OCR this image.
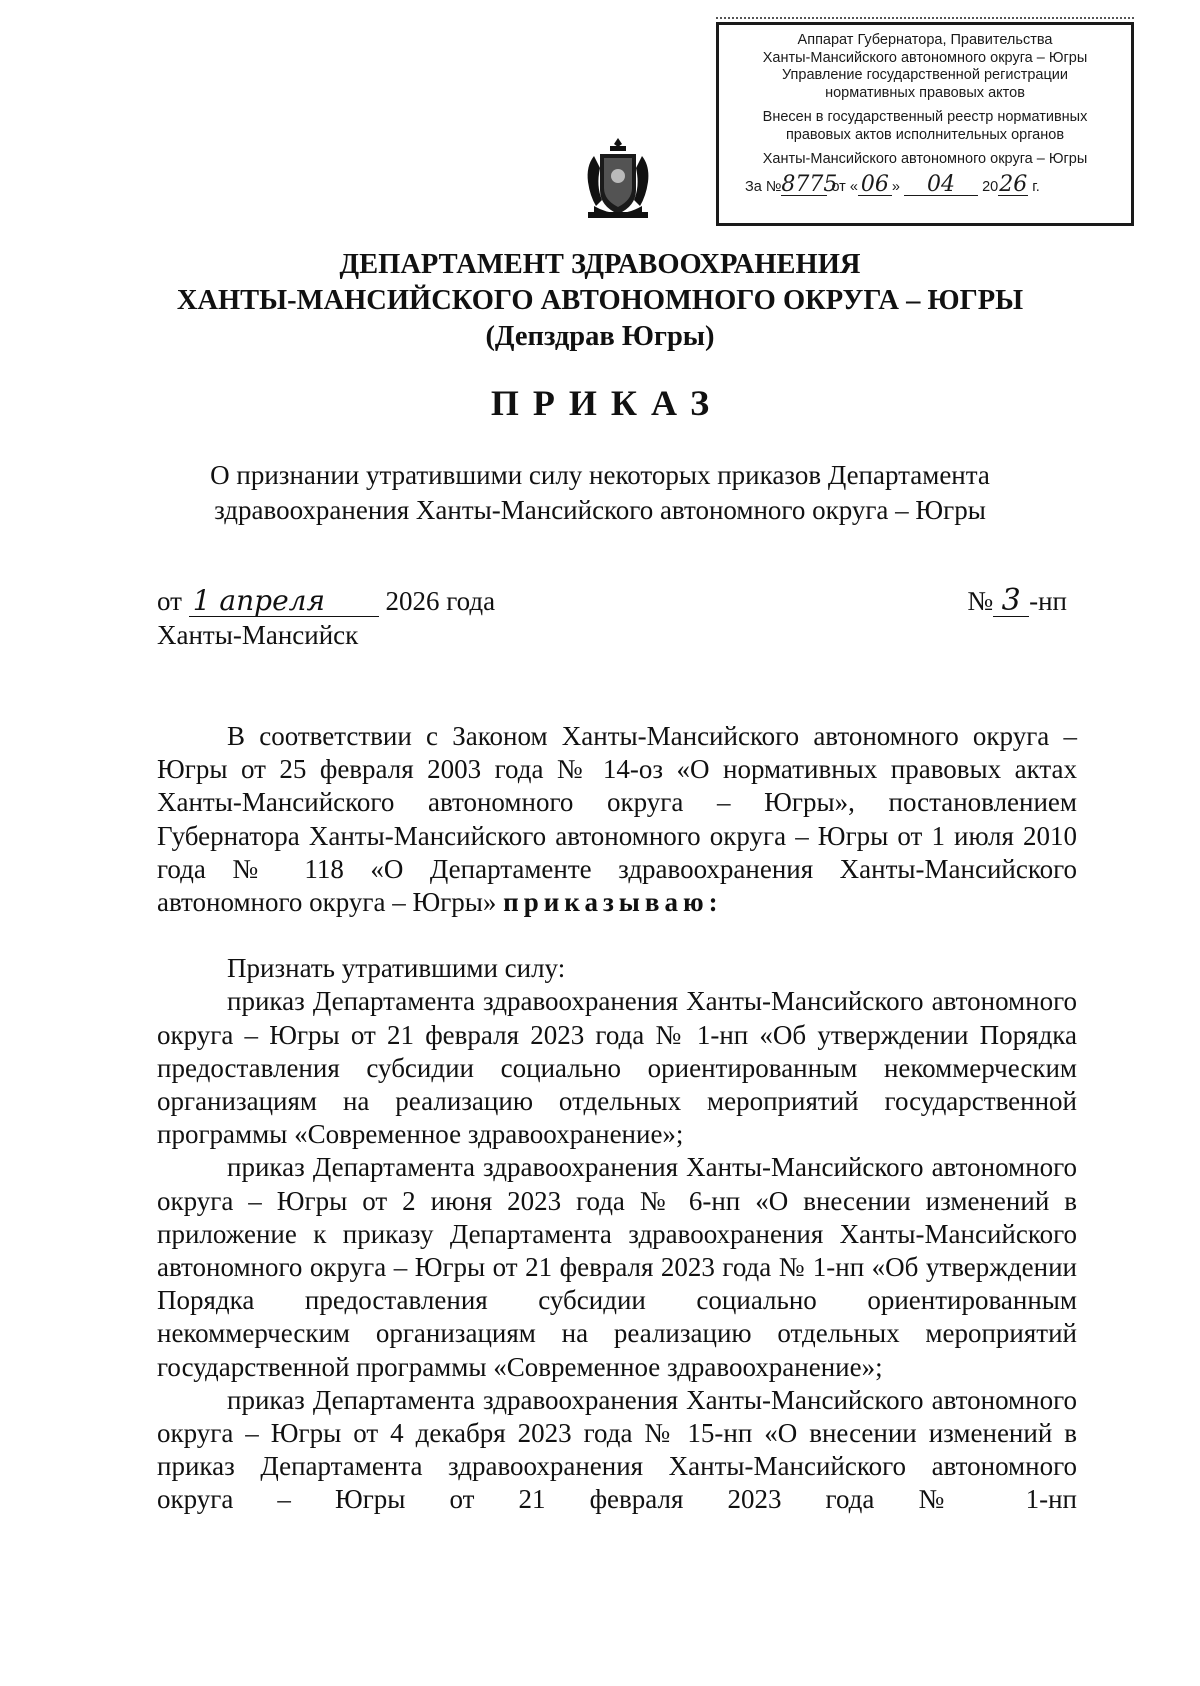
Аппарат Губернатора, Правительства
Ханты-Мансийского автономного округа – Югры
Управление государственной регистрации
нормативных правовых актов
Внесен в государственный реестр нормативных
правовых актов исполнительных органов
Ханты-Мансийского автономного округа – Югры
За №8775 от « 06 » 04 2026 г.
ДЕПАРТАМЕНТ ЗДРАВООХРАНЕНИЯ
ХАНТЫ-МАНСИЙСКОГО АВТОНОМНОГО ОКРУГА – ЮГРЫ
(Депздрав Югры)
ПРИКАЗ
О признании утратившими силу некоторых приказов Департамента
здравоохранения Ханты-Мансийского автономного округа – Югры
от 1 апреля 2026 года
Ханты-Мансийск
№ 3 -нп

В соответствии с Законом Ханты-Мансийского автономного округа – Югры от 25 февраля 2003 года № 14-оз «О нормативных правовых актах Ханты-Мансийского автономного округа – Югры», постановлением Губернатора Ханты-Мансийского автономного округа – Югры от 1 июля 2010 года № 118 «О Департаменте здравоохранения Ханты-Мансийского автономного округа – Югры» приказываю:

Признать утратившими силу:

приказ Департамента здравоохранения Ханты-Мансийского автономного округа – Югры от 21 февраля 2023 года № 1-нп «Об утверждении Порядка предоставления субсидии социально ориентированным некоммерческим организациям на реализацию отдельных мероприятий государственной программы «Современное здравоохранение»;

приказ Департамента здравоохранения Ханты-Мансийского автономного округа – Югры от 2 июня 2023 года № 6-нп «О внесении изменений в приложение к приказу Департамента здравоохранения Ханты-Мансийского автономного округа – Югры от 21 февраля 2023 года № 1-нп «Об утверждении Порядка предоставления субсидии социально ориентированным некоммерческим организациям на реализацию отдельных мероприятий государственной программы «Современное здравоохранение»;

приказ Департамента здравоохранения Ханты-Мансийского автономного округа – Югры от 4 декабря 2023 года № 15-нп «О внесении изменений в приказ Департамента здравоохранения Ханты-Мансийского автономного округа – Югры от 21 февраля 2023 года № 1-нп
